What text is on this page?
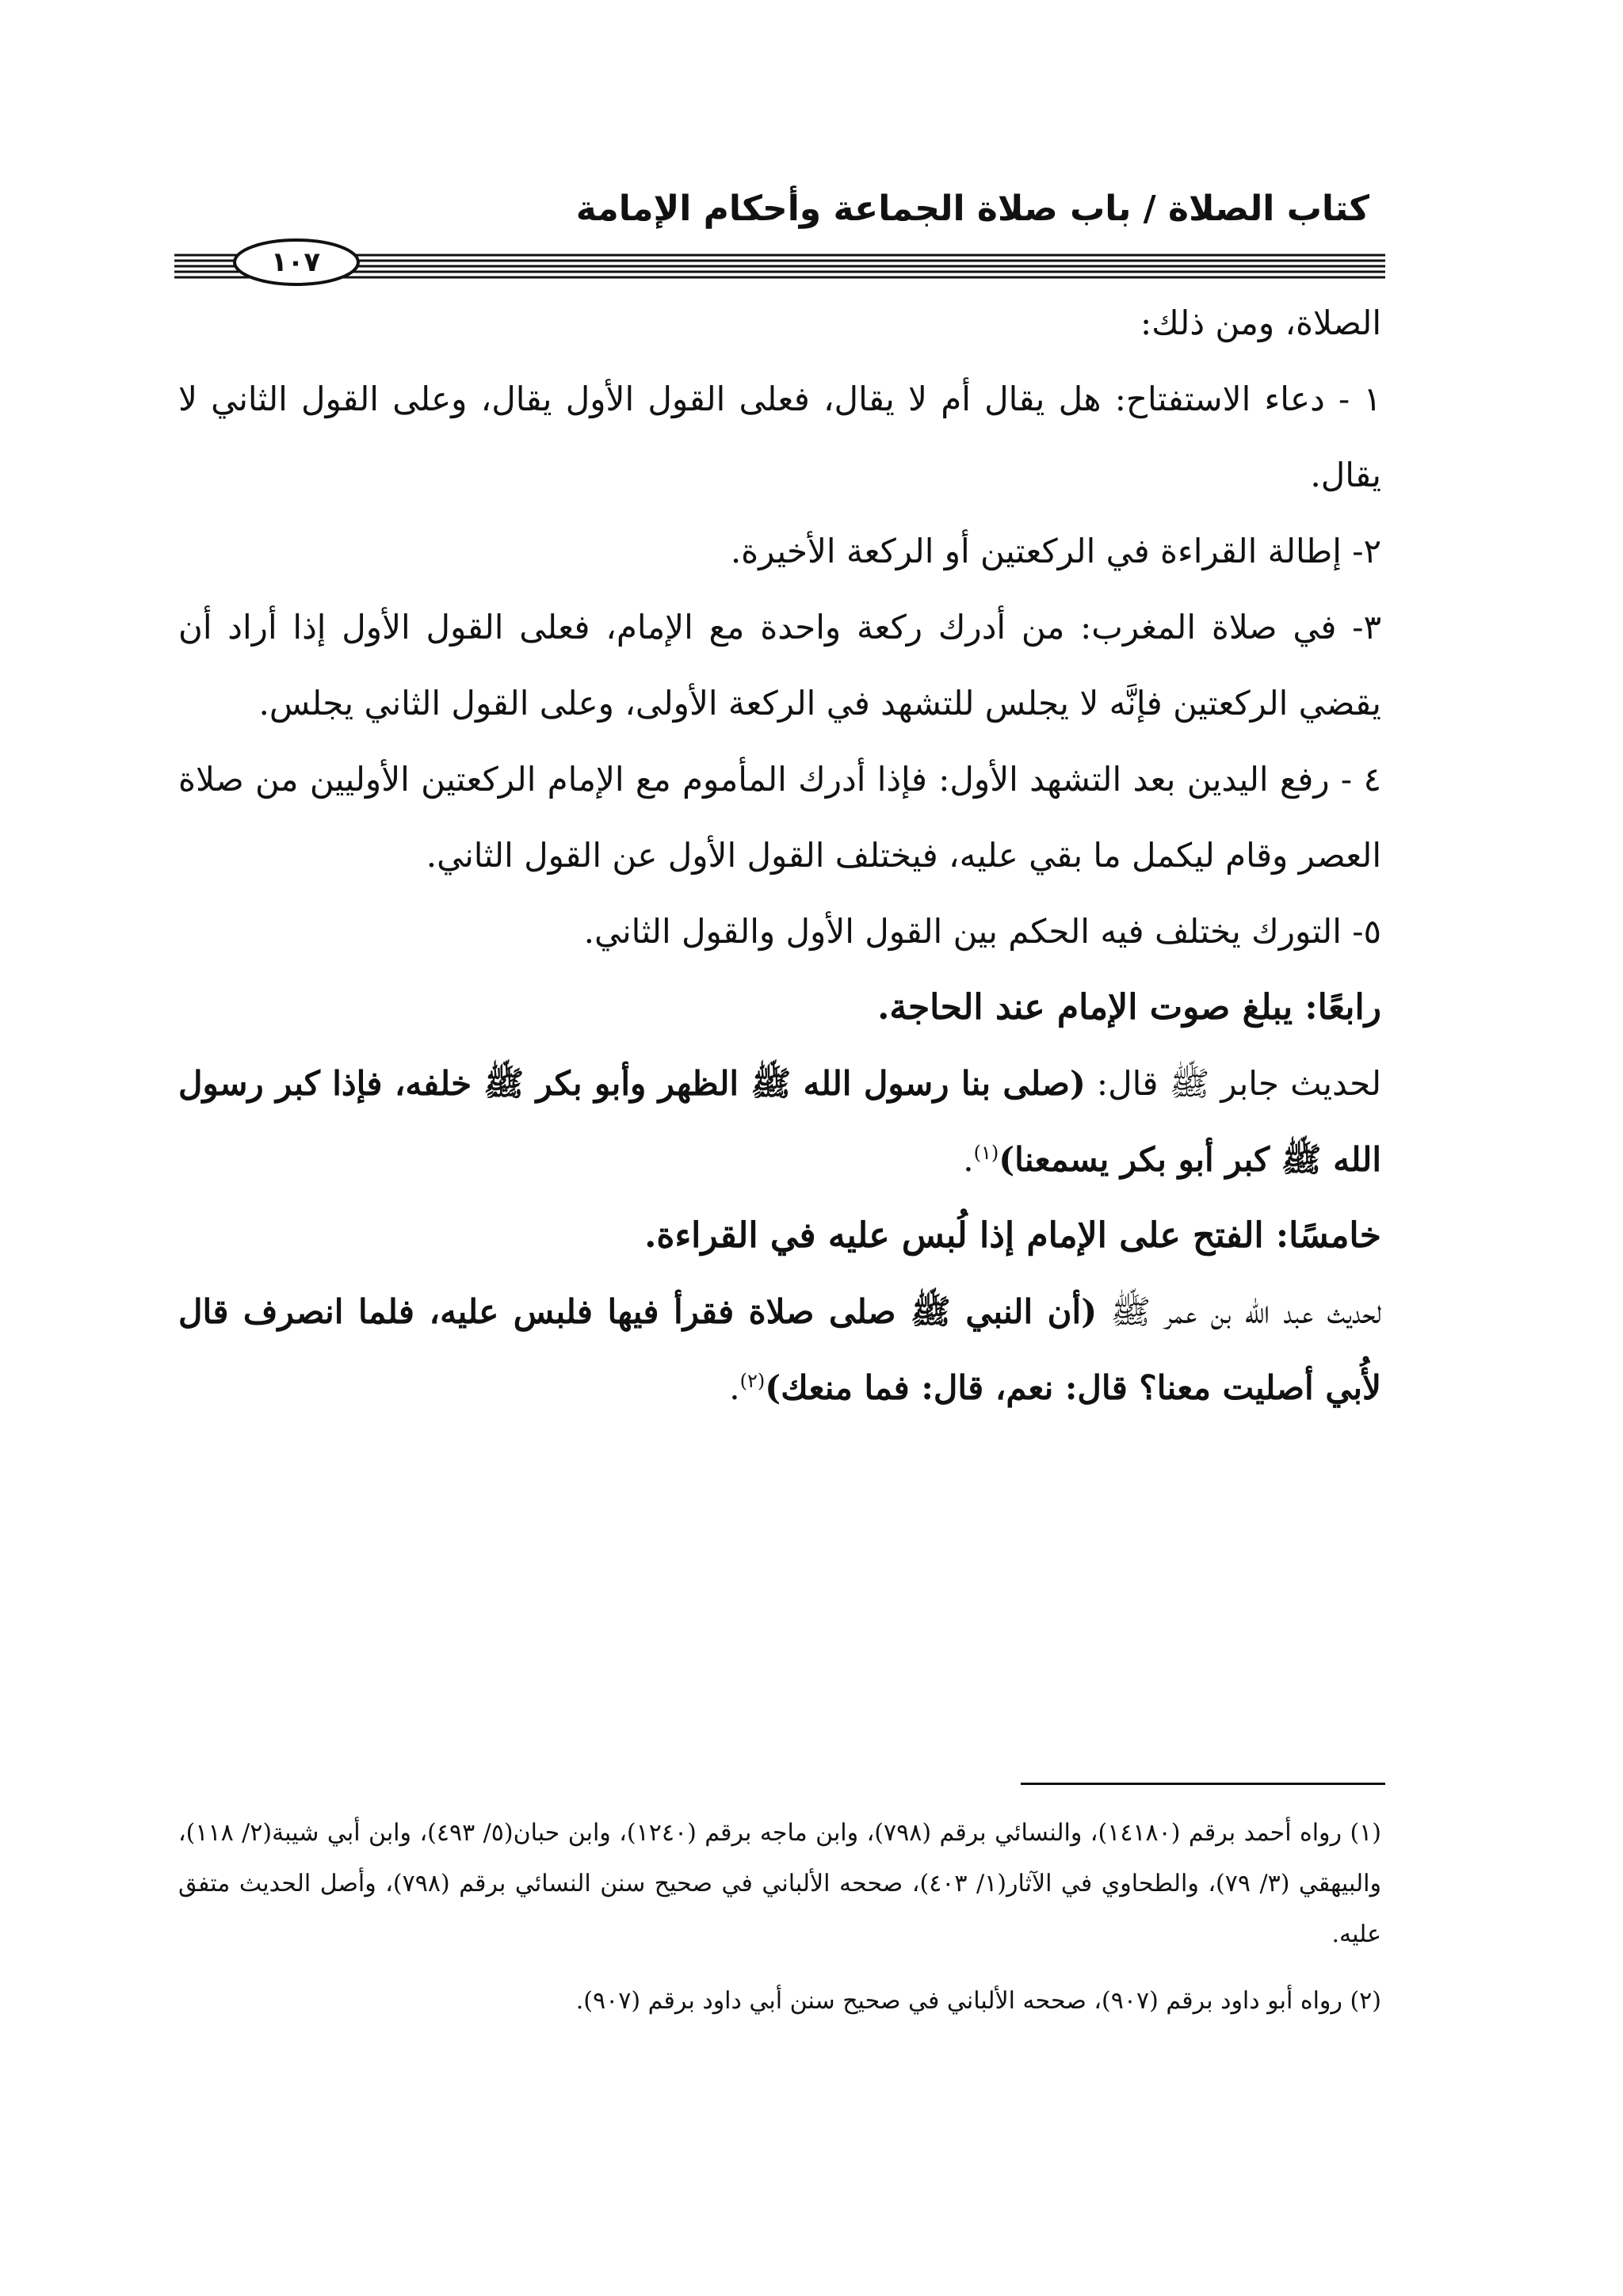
كتاب الصلاة / باب صلاة الجماعة وأحكام الإمامة
١٠٧

الصلاة، ومن ذلك:

١ - دعاء الاستفتاح: هل يقال أم لا يقال، فعلى القول الأول يقال، وعلى القول الثاني لا يقال.

٢- إطالة القراءة في الركعتين أو الركعة الأخيرة.

٣- في صلاة المغرب: من أدرك ركعة واحدة مع الإمام، فعلى القول الأول إذا أراد أن يقضي الركعتين فإنَّه لا يجلس للتشهد في الركعة الأولى، وعلى القول الثاني يجلس.

٤ - رفع اليدين بعد التشهد الأول: فإذا أدرك المأموم مع الإمام الركعتين الأوليين من صلاة العصر وقام ليكمل ما بقي عليه، فيختلف القول الأول عن القول الثاني.

٥- التورك يختلف فيه الحكم بين القول الأول والقول الثاني.

رابعًا: يبلغ صوت الإمام عند الحاجة.

لحديث جابر ﷺ قال: (صلى بنا رسول الله ﷺ الظهر وأبو بكر ﷺ خلفه، فإذا كبر رسول الله ﷺ كبر أبو بكر يسمعنا)$^{(١)}$.

خامسًا: الفتح على الإمام إذا لُبس عليه في القراءة.

لحديث عبد الله بن عمر ﷺ (أن النبي ﷺ صلى صلاة فقرأ فيها فلبس عليه، فلما انصرف قال لأُبي أصليت معنا؟ قال: نعم، قال: فما منعك)$^{(٢)}$.

(١) رواه أحمد برقم (١٤١٨٠)، والنسائي برقم (٧٩٨)، وابن ماجه برقم (١٢٤٠)، وابن حبان(٥/ ٤٩٣)، وابن أبي شيبة(٢/ ١١٨)، والبيهقي (٣/ ٧٩)، والطحاوي في الآثار(١/ ٤٠٣)، صححه الألباني في صحيح سنن النسائي برقم (٧٩٨)، وأصل الحديث متفق عليه.

(٢) رواه أبو داود برقم (٩٠٧)، صححه الألباني في صحيح سنن أبي داود برقم (٩٠٧).
